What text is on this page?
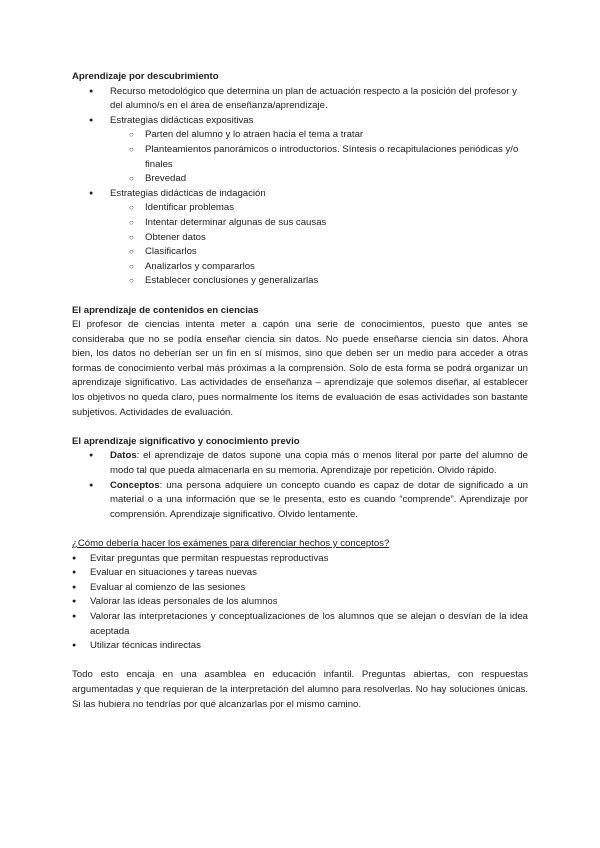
Aprendizaje por descubrimiento
● Recurso metodológico que determina un plan de actuación respecto a la posición del profesor y del alumno/s en el área de enseñanza/aprendizaje.
● Estrategias didácticas expositivas
○ Parten del alumno y lo atraen hacia el tema a tratar
○ Planteamientos panorámicos o introductorios. Síntesis o recapitulaciones periódicas y/o finales
○ Brevedad
● Estrategias didácticas de indagación
○ Identificar problemas
○ Intentar determinar algunas de sus causas
○ Obtener datos
○ Clasificarlos
○ Analizarlos y compararlos
○ Establecer conclusiones y generalizarlas
El aprendizaje de contenidos en ciencias

El profesor de ciencias intenta meter a capón una serie de conocimientos, puesto que antes se consideraba que no se podía enseñar ciencia sin datos. No puede enseñarse ciencia sin datos. Ahora bien, los datos no deberían ser un fin en sí mismos, sino que deben ser un medio para acceder a otras formas de conocimiento verbal más próximas a la comprensión. Solo de esta forma se podrá organizar un aprendizaje significativo. Las actividades de enseñanza – aprendizaje que solemos diseñar, al establecer los objetivos no queda claro, pues normalmente los ítems de evaluación de esas actividades son bastante subjetivos. Actividades de evaluación.

El aprendizaje significativo y conocimiento previo
● Datos: el aprendizaje de datos supone una copia más o menos literal por parte del alumno de modo tal que pueda almacenarla en su memoria. Aprendizaje por repetición. Olvido rápido.
● Conceptos: una persona adquiere un concepto cuando es capaz de dotar de significado a un material o a una información que se le presenta, esto es cuando “comprende”. Aprendizaje por comprensión. Aprendizaje significativo. Olvido lentamente.

¿Cómo debería hacer los exámenes para diferenciar hechos y conceptos?

● Evitar preguntas que permitan respuestas reproductivas
● Evaluar en situaciones y tareas nuevas
● Evaluar al comienzo de las sesiones
● Valorar las ideas personales de los alumnos
● Valorar las interpretaciones y conceptualizaciones de los alumnos que se alejan o desvían de la idea aceptada
● Utilizar técnicas indirectas

Todo esto encaja en una asamblea en educación infantil. Preguntas abiertas, con respuestas argumentadas y que requieran de la interpretación del alumno para resolverlas. No hay soluciones únicas. Si las hubiera no tendrías por qué alcanzarlas por el mismo camino.
